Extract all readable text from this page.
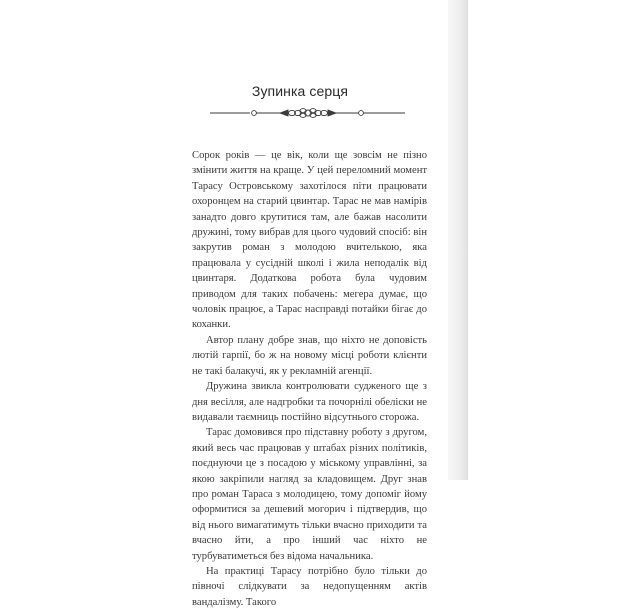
Зупинка серця

Сорок років — це вік, коли ще зовсім не пізно змінити життя на краще. У цей переломний момент Тарасу Островському захотілося піти працювати охоронцем на старий цвинтар. Тарас не мав намірів занадто довго крутитися там, але бажав насолити дружині, тому вибрав для цього чудовий спосіб: він закрутив роман з молодою вчителькою, яка працювала у сусідній школі і жила неподалік від цвинтаря. Додаткова робота була чудовим приводом для таких побачень: мегера думає, що чоловік працює, а Тарас насправді потайки бігає до коханки.

Автор плану добре знав, що ніхто не доповість лютій гарпії, бо ж на новому місці роботи клієнти не такі балакучі, як у рекламній агенції.

Дружина звикла контролювати судженого ще з дня весілля, але надгробки та почорнілі обеліски не видавали таємниць постійно відсутнього сторожа.

Тарас домовився про підставну роботу з другом, який весь час працював у штабах різних політиків, поєднуючи це з посадою у міському управлінні, за якою закріпили нагляд за кладовищем. Друг знав про роман Тараса з молодицею, тому допоміг йому оформитися за дешевий могорич і підтвердив, що від нього вимагатимуть тільки вчасно приходити та вчасно йти, а про інший час ніхто не турбуватиметься без відома начальника.

На практиці Тарасу потрібно було тільки до півночі слідкувати за недопущенням актів вандалізму. Такого
